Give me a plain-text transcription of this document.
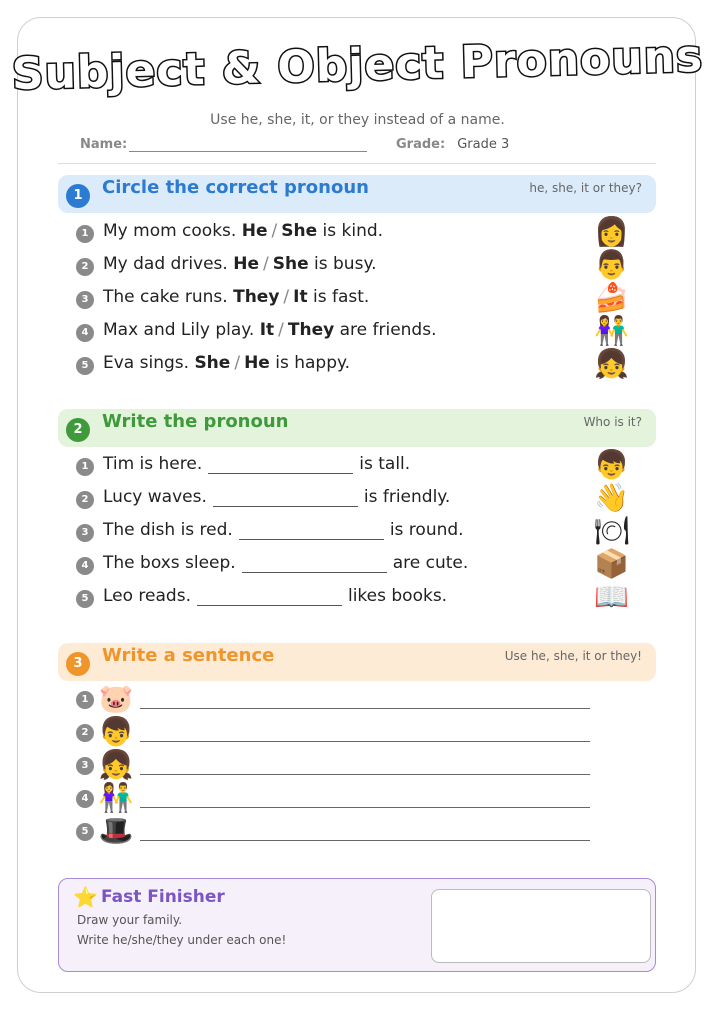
Subject & Object Pronouns
Use he, she, it, or they instead of a name.
Name:	Grade: Grade 3
1	Circle the correct pronoun	he, she, it or they?
1 My mom cooks. He / She is kind.	👩
2 My dad drives. He / She is busy.	👨
3 The cake runs. They / It is fast.	🍰
4 Max and Lily play. It / They are friends.	👫
5 Eva sings. She / He is happy.	👧
2	Write the pronoun	Who is it?
1 Tim is here.	is tall.	👦
2 Lucy waves.	is friendly.	👋
3 The dish is red.	is round.	🍽
4 The boxs sleep.	are cute.	📦
5 Leo reads.	likes books.	📖
3	Write a sentence	Use he, she, it or they!
1 🐷
2 👦
3 👧
4 👫
5 🎩
⭐ Fast Finisher
Draw your family.
Write he/she/they under each one!
